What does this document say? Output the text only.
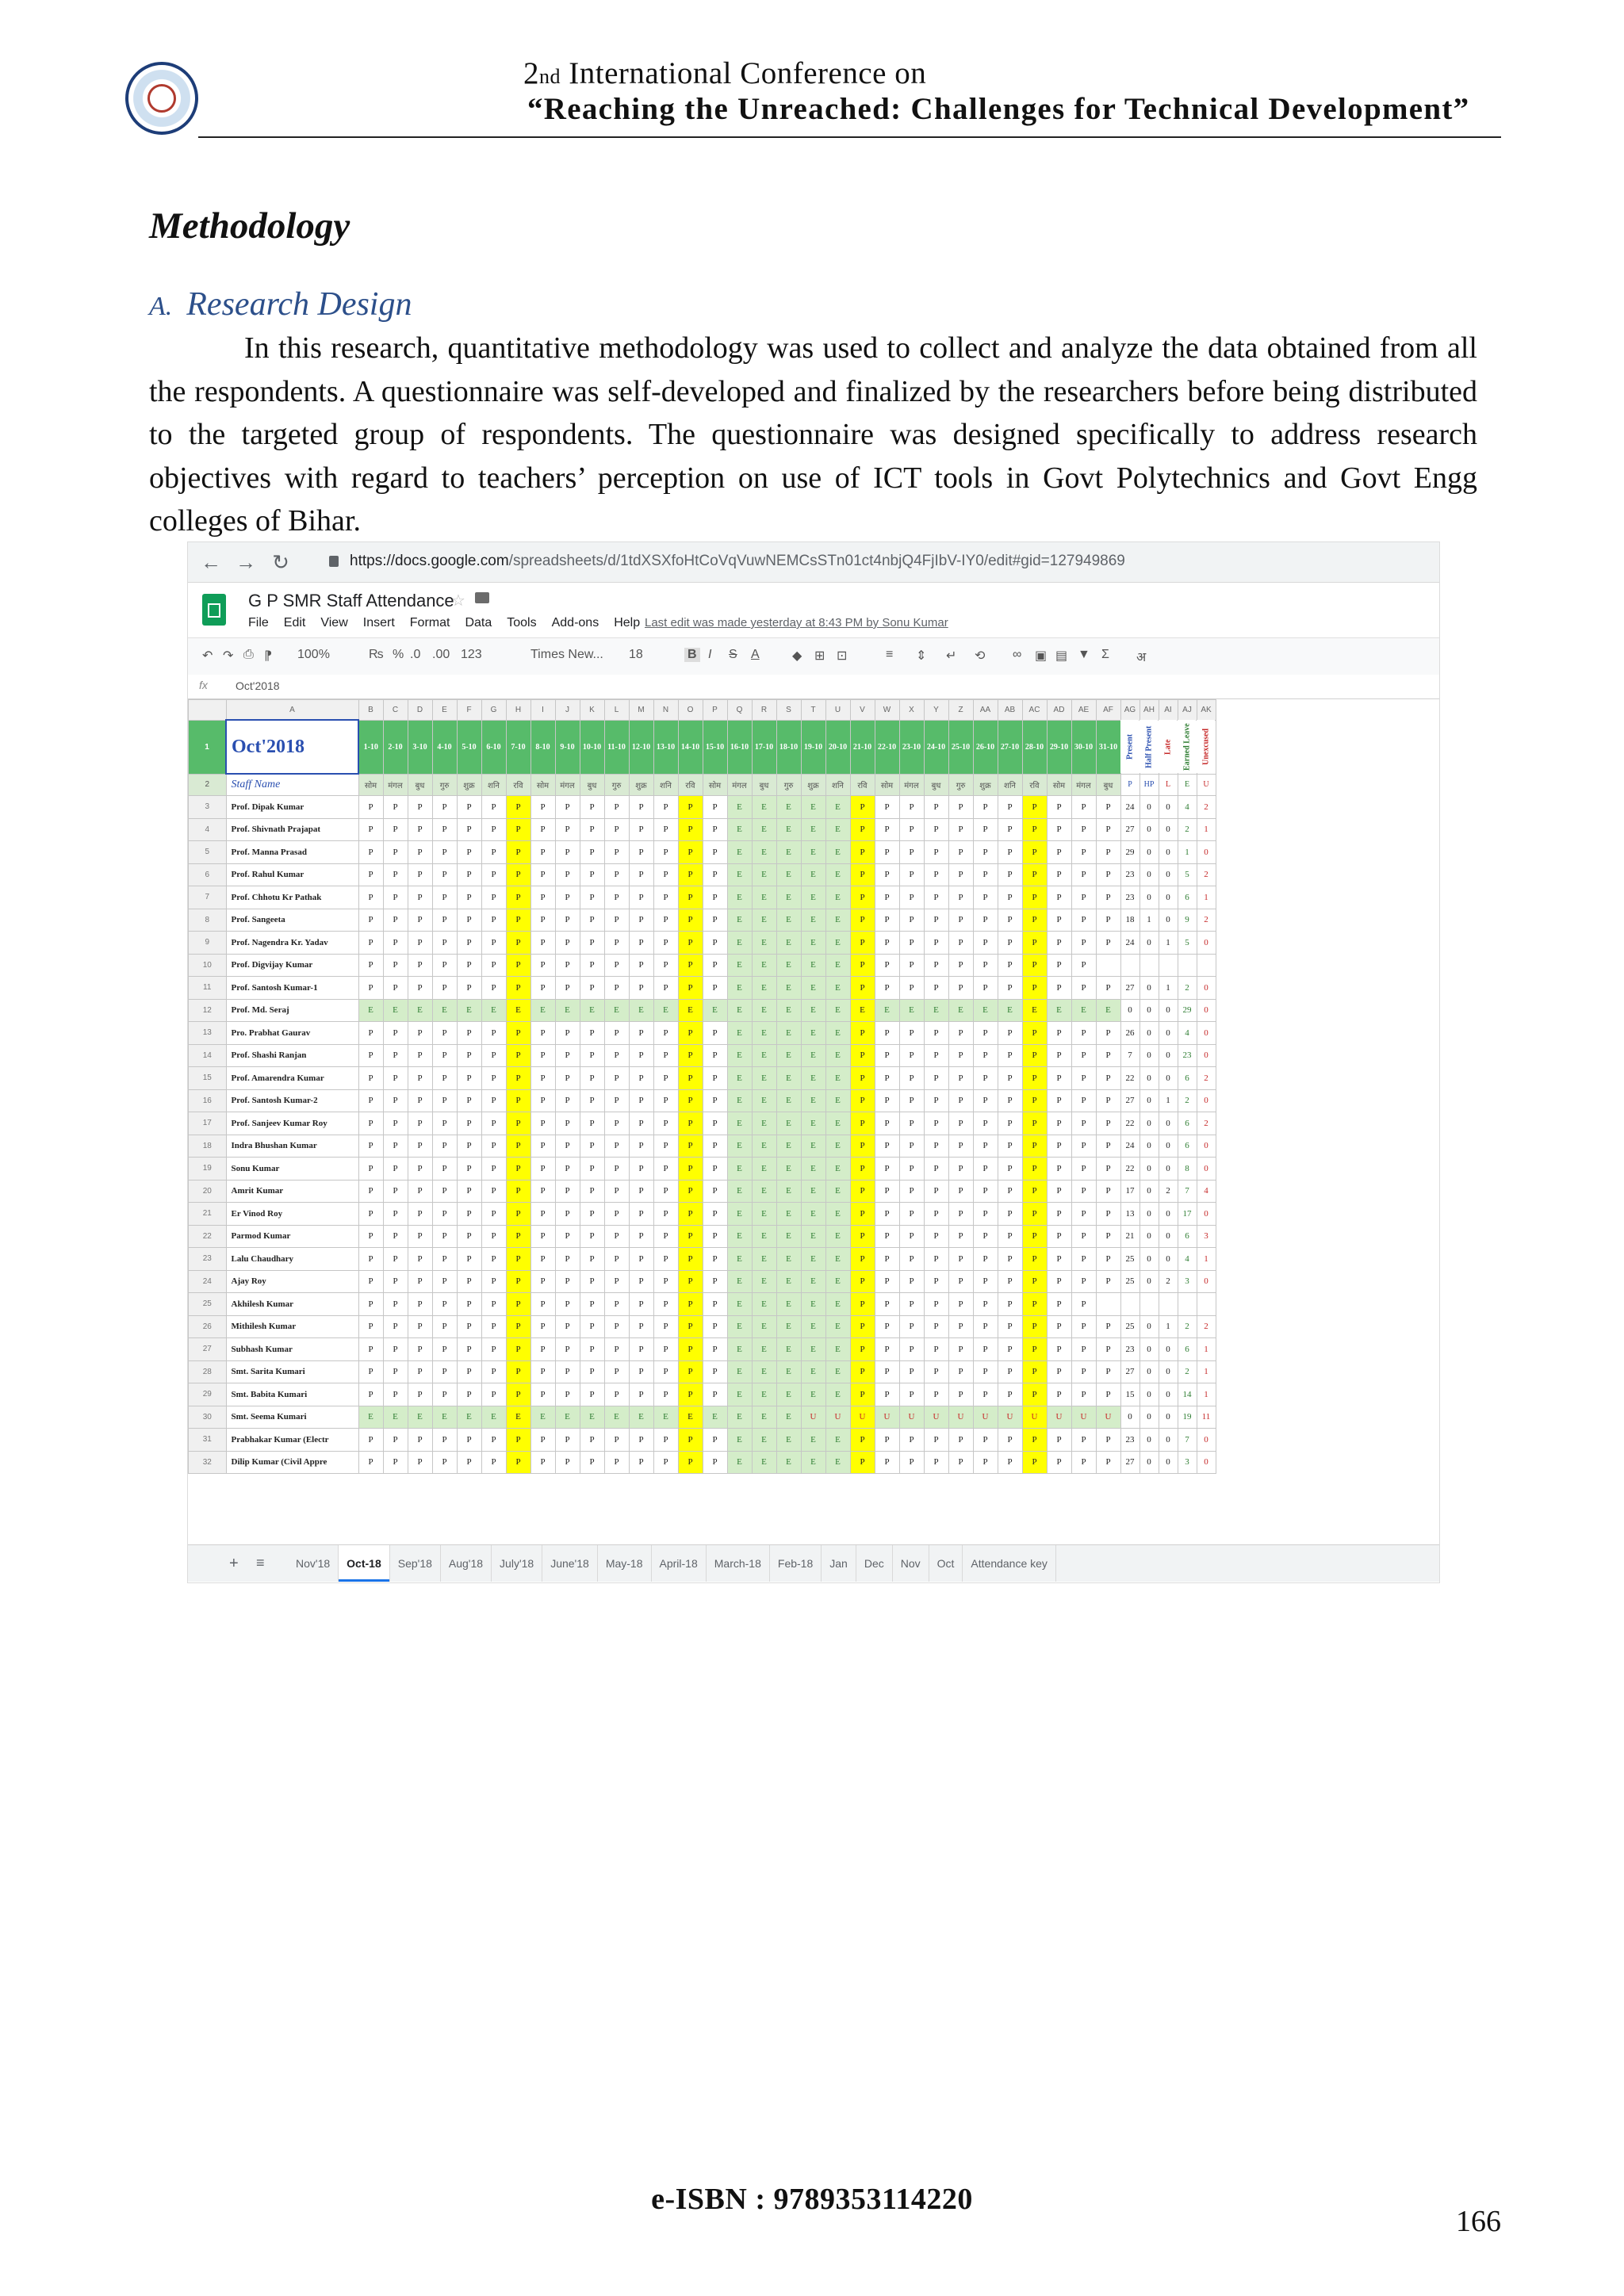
2nd International Conference on
“Reaching the Unreached: Challenges for Technical Development”
Methodology
A. Research Design
In this research, quantitative methodology was used to collect and analyze the data obtained from all the respondents. A questionnaire was self-developed and finalized by the researchers before being distributed to the targeted group of respondents. The questionnaire was designed specifically to address research objectives with regard to teachers’ perception on use of ICT tools in Govt Polytechnics and Govt Engg colleges of Bihar.
← → ↻	https://docs.google.com/spreadsheets/d/1tdXSXfoHtCoVqVuwNEMCsSTn01ct4nbjQ4FjIbV-IY0/edit#gid=127949869
G P SMR Staff Attendance
☆
File Edit View Insert Format Data Tools Add-ons Help Last edit was made yesterday at 8:43 PM by Sonu Kumar
↶ ↷ ⎙ ⁋ 100%	₨ % .0 .00 123	Times New... 18	B I S A	◆ ⊞ ⊡	≡ ⇕ ↵ ⟲ ∞ ▣ ▤ ▼ Σ अ
fx	Oct'2018
	A	B	C	D	E	F	G	H	I	J	K	L	M	N	O	P	Q	R	S	T	U	V	W	X	Y	Z	AA	AB	AC	AD	AE	AF	AG	AH	AI	AJ	AK
1	Oct'2018	1-10	2-10	3-10	4-10	5-10	6-10	7-10	8-10	9-10	10-10	11-10	12-10	13-10	14-10	15-10	16-10	17-10	18-10	19-10	20-10	21-10	22-10	23-10	24-10	25-10	26-10	27-10	28-10	29-10	30-10	31-10	Present	Half Present	Late	Earned Leave	Unexcused
2	Staff Name	सोम	मंगल	बुध	गुरु	शुक्र	शनि	रवि	सोम	मंगल	बुध	गुरु	शुक्र	शनि	रवि	सोम	मंगल	बुध	गुरु	शुक्र	शनि	रवि	सोम	मंगल	बुध	गुरु	शुक्र	शनि	रवि	सोम	मंगल	बुध	P	HP	L	E	U
3	Prof. Dipak Kumar	P	P	P	P	P	P	P	P	P	P	P	P	P	P	P	E	E	E	E	E	P	P	P	P	P	P	P	P	P	P	P	24	0	0	4	2
4	Prof. Shivnath Prajapat	P	P	P	P	P	P	P	P	P	P	P	P	P	P	P	E	E	E	E	E	P	P	P	P	P	P	P	P	P	P	P	27	0	0	2	1
5	Prof. Manna Prasad	P	P	P	P	P	P	P	P	P	P	P	P	P	P	P	E	E	E	E	E	P	P	P	P	P	P	P	P	P	P	P	29	0	0	1	0
6	Prof. Rahul Kumar	P	P	P	P	P	P	P	P	P	P	P	P	P	P	P	E	E	E	E	E	P	P	P	P	P	P	P	P	P	P	P	23	0	0	5	2
7	Prof. Chhotu Kr Pathak	P	P	P	P	P	P	P	P	P	P	P	P	P	P	P	E	E	E	E	E	P	P	P	P	P	P	P	P	P	P	P	23	0	0	6	1
8	Prof. Sangeeta	P	P	P	P	P	P	P	P	P	P	P	P	P	P	P	E	E	E	E	E	P	P	P	P	P	P	P	P	P	P	P	18	1	0	9	2
9	Prof. Nagendra Kr. Yadav	P	P	P	P	P	P	P	P	P	P	P	P	P	P	P	E	E	E	E	E	P	P	P	P	P	P	P	P	P	P	P	24	0	1	5	0
10	Prof. Digvijay Kumar	P	P	P	P	P	P	P	P	P	P	P	P	P	P	P	E	E	E	E	E	P	P	P	P	P	P	P	P	P	P						
11	Prof. Santosh Kumar-1	P	P	P	P	P	P	P	P	P	P	P	P	P	P	P	E	E	E	E	E	P	P	P	P	P	P	P	P	P	P	P	27	0	1	2	0
12	Prof. Md. Seraj	E	E	E	E	E	E	E	E	E	E	E	E	E	E	E	E	E	E	E	E	E	E	E	E	E	E	E	E	E	E	E	0	0	0	29	0
13	Pro. Prabhat Gaurav	P	P	P	P	P	P	P	P	P	P	P	P	P	P	P	E	E	E	E	E	P	P	P	P	P	P	P	P	P	P	P	26	0	0	4	0
14	Prof. Shashi Ranjan	P	P	P	P	P	P	P	P	P	P	P	P	P	P	P	E	E	E	E	E	P	P	P	P	P	P	P	P	P	P	P	7	0	0	23	0
15	Prof. Amarendra Kumar	P	P	P	P	P	P	P	P	P	P	P	P	P	P	P	E	E	E	E	E	P	P	P	P	P	P	P	P	P	P	P	22	0	0	6	2
16	Prof. Santosh Kumar-2	P	P	P	P	P	P	P	P	P	P	P	P	P	P	P	E	E	E	E	E	P	P	P	P	P	P	P	P	P	P	P	27	0	1	2	0
17	Prof. Sanjeev Kumar Roy	P	P	P	P	P	P	P	P	P	P	P	P	P	P	P	E	E	E	E	E	P	P	P	P	P	P	P	P	P	P	P	22	0	0	6	2
18	Indra Bhushan Kumar	P	P	P	P	P	P	P	P	P	P	P	P	P	P	P	E	E	E	E	E	P	P	P	P	P	P	P	P	P	P	P	24	0	0	6	0
19	Sonu Kumar	P	P	P	P	P	P	P	P	P	P	P	P	P	P	P	E	E	E	E	E	P	P	P	P	P	P	P	P	P	P	P	22	0	0	8	0
20	Amrit Kumar	P	P	P	P	P	P	P	P	P	P	P	P	P	P	P	E	E	E	E	E	P	P	P	P	P	P	P	P	P	P	P	17	0	2	7	4
21	Er Vinod Roy	P	P	P	P	P	P	P	P	P	P	P	P	P	P	P	E	E	E	E	E	P	P	P	P	P	P	P	P	P	P	P	13	0	0	17	0
22	Parmod Kumar	P	P	P	P	P	P	P	P	P	P	P	P	P	P	P	E	E	E	E	E	P	P	P	P	P	P	P	P	P	P	P	21	0	0	6	3
23	Lalu Chaudhary	P	P	P	P	P	P	P	P	P	P	P	P	P	P	P	E	E	E	E	E	P	P	P	P	P	P	P	P	P	P	P	25	0	0	4	1
24	Ajay Roy	P	P	P	P	P	P	P	P	P	P	P	P	P	P	P	E	E	E	E	E	P	P	P	P	P	P	P	P	P	P	P	25	0	2	3	0
25	Akhilesh Kumar	P	P	P	P	P	P	P	P	P	P	P	P	P	P	P	E	E	E	E	E	P	P	P	P	P	P	P	P	P	P						
26	Mithilesh Kumar	P	P	P	P	P	P	P	P	P	P	P	P	P	P	P	E	E	E	E	E	P	P	P	P	P	P	P	P	P	P	P	25	0	1	2	2
27	Subhash Kumar	P	P	P	P	P	P	P	P	P	P	P	P	P	P	P	E	E	E	E	E	P	P	P	P	P	P	P	P	P	P	P	23	0	0	6	1
28	Smt. Sarita Kumari	P	P	P	P	P	P	P	P	P	P	P	P	P	P	P	E	E	E	E	E	P	P	P	P	P	P	P	P	P	P	P	27	0	0	2	1
29	Smt. Babita Kumari	P	P	P	P	P	P	P	P	P	P	P	P	P	P	P	E	E	E	E	E	P	P	P	P	P	P	P	P	P	P	P	15	0	0	14	1
30	Smt. Seema Kumari	E	E	E	E	E	E	E	E	E	E	E	E	E	E	E	E	E	E	U	U	U	U	U	U	U	U	U	U	U	U	U	0	0	0	19	11
31	Prabhakar Kumar (Electr	P	P	P	P	P	P	P	P	P	P	P	P	P	P	P	E	E	E	E	E	P	P	P	P	P	P	P	P	P	P	P	23	0	0	7	0
32	Dilip Kumar (Civil Appre	P	P	P	P	P	P	P	P	P	P	P	P	P	P	P	E	E	E	E	E	P	P	P	P	P	P	P	P	P	P	P	27	0	0	3	0
+ ≡	Nov'18	Oct-18	Sep'18	Aug'18	July'18	June'18	May-18	April-18	March-18	Feb-18	Jan	Dec	Nov	Oct	Attendance key
e-ISBN : 9789353114220
166
